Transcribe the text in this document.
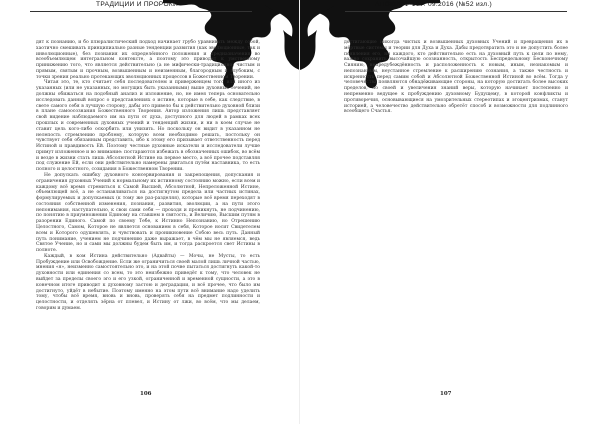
ТРАДИЦИИ И ПРОРОКИ

дят к познанию, и бо плюралистический подход начинает грубо уравнивать между собой, хаотично смешивать принципиально разные тенденции развития (как эволюционные, так и инволюционные), без познания их определённого положения и предназначения во всеобъемлющем интегральном контексте, а поэтому это приводит к умственному принижению того, что является действительно (а не мифически-традиционно) чистым и прямым, святым и прочным, возвышенным и неизменным, благородным и глубоким, с точки зрения реально протекающих эволюционных процессов в Божественном Творении.

Читая это, те, кто считает себя последователем и приверженцем того или иного из указанных (или не указанных, но могущих быть указанными) выше духовных течений, не должны обижаться на подобный анализ и изложение, но, не имея теперь основательно исследовать данный вопрос о представлениях о истине, которые в себе, как следствие, в свете самого себя в лучшую сторону, дабы это привело бы к действительно духовной близи в плане самоосознания Божественного Творения. Автор изложения лишь представляет свой видение наблюдаемого им на пути от духа, доступного для людей в рамках всех прошлых и современных духовных учений и тенденций жизни, и ни в коем случае не ставит цель кого-либо оскорбить или унизить. Но поскольку он видит в указанном не нелепость стремлению проблему, которую всем необходимо решать, постольку он чувствует себя обязанным представить, ибо к этому его призывает ответственность перед Истиной и правдивость Ей. Поэтому честные духовные искатели и исследователи лучше примут изложенное и во внимание: постараются избежать в обозначенных ошибок, во всём и везде в жизни стать лишь Абсолютной Истине на первое место, а всё прочее подставляя под служение Ей, если они действительно намерены двигаться путём наставника, то есть полного и целостного, созидания в Божественном Творении.

Не допускать ошибку духовного консервирования и закрепощения, допускания и ограничения духовных Учений к нормальному их истинному состоянию можно, если всем и каждому всё время стремиться к Самой Высшей, Абсолютной, Непреложенной Истине, объемлющей всё, а не останавливаться на достигнутом предела или частных истинах, формулируемых и допускаемых (к тому же раз-разделяя), которые всё время переходят в состояния собственной изменения, познания, развития, эволюции, а на пути этого непонимания, наступательно, к свои сами себя — проходя и проникнуть, не подчинению, по понятию в приумножении Единому на ставшем в святость, и Величию, Высшим путям в разорении Единого. Самой по своему Тебе, к Истинно Непознанию, но Отрешению Целостного, Самом, Которое не является основанием в себя, Которое носит Свидетелем всем и Которого одушевлять, и чувствовать и проникновение Собою весь путь. Данный путь понимание, учением не подчинению даже выражает, в чём мы не являемся, ведь Святое Учение, но и сами мы должны будем быть им, и тогда раскроется свет Истины в полноте.

Каждый, в ком Истина действительно (Адвайты) — Мочы, не Мусты, то есть Пробуждение или Освобождение. Если же ограничиться своей малой лишь личной частью, мнения «я», неизменно самостоятельно это, и на этой почве пытаться достигнуть какой-то духовности или единения со всем, то это неизбежно приведёт к тому, что человек не выйдет за пределы своего эго и его узкой, ограниченной и временной сущности, а это в конечном итоге приводит к духовному застою и деградации, и всё прочее, что было им достигнуто, уйдёт в небытие. Поэтому именно на этом пути всё внимание надо уделить тому, чтобы всё время, вновь и вновь, проверять себя на предмет подлинности и целостности, и отделять зёрна от плевел, и Истину от лжи, во всём, что мы делаем, говорим и думаем.

106
АПОКРИФ-107: 09.2016 (№52 изл.)

достигающие никогда чистых и возвышенных духовных Учений и превращения их в мёртвые системы и теории для Духа и Духа. Дабы предотвратить это и не допустить более появления его, ни каждого, кто действительно есть на духовный путь к цели по нему, важно сохранить высочайшую осознанность, открытость Беспредельному Бесконечному Сиянию, непредубеждённость и расположенность к новым, иным, незнакомым и непознанным, неустанное стремление к расширению сознания, а также честность и искренность перед самим собой и Абсолютной Божественной Истиной во всём. Тогда у человечества появляются обнадёживающие стороны, на которую достигать более высоких пределов, по своей и увеличения знаний веры, которую начинает постепенно и непременно ведущее к пробуждению духовному Будущему, в которой конфликты и противоречия, основывающиеся на умозрительных стереотипах и эгоцентризмах, станут историей, а человечество действительно обретёт способ и возможности для подлинного всеобщего Счастья.

107
